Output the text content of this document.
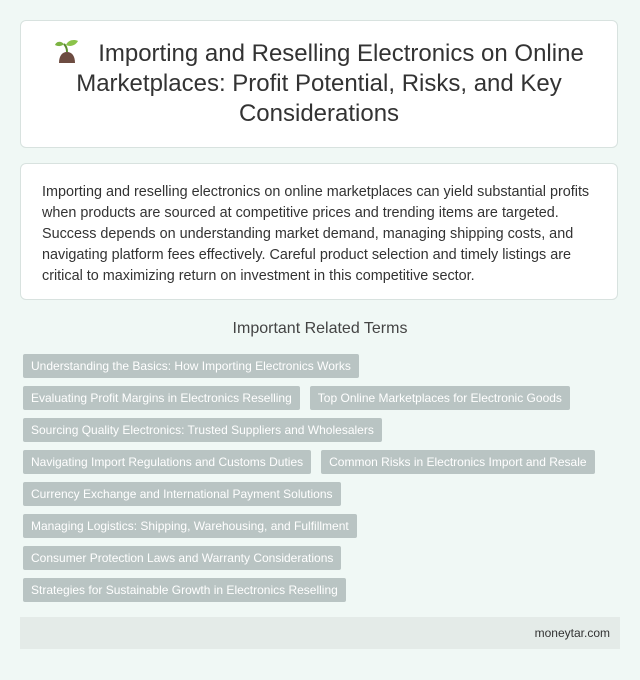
Importing and Reselling Electronics on Online Marketplaces: Profit Potential, Risks, and Key Considerations

Importing and reselling electronics on online marketplaces can yield substantial profits when products are sourced at competitive prices and trending items are targeted. Success depends on understanding market demand, managing shipping costs, and navigating platform fees effectively. Careful product selection and timely listings are critical to maximizing return on investment in this competitive sector.

Important Related Terms
Understanding the Basics: How Importing Electronics Works
Evaluating Profit Margins in Electronics Reselling	Top Online Marketplaces for Electronic Goods
Sourcing Quality Electronics: Trusted Suppliers and Wholesalers
Navigating Import Regulations and Customs Duties	Common Risks in Electronics Import and Resale
Currency Exchange and International Payment Solutions
Managing Logistics: Shipping, Warehousing, and Fulfillment
Consumer Protection Laws and Warranty Considerations
Strategies for Sustainable Growth in Electronics Reselling
moneytar.com
